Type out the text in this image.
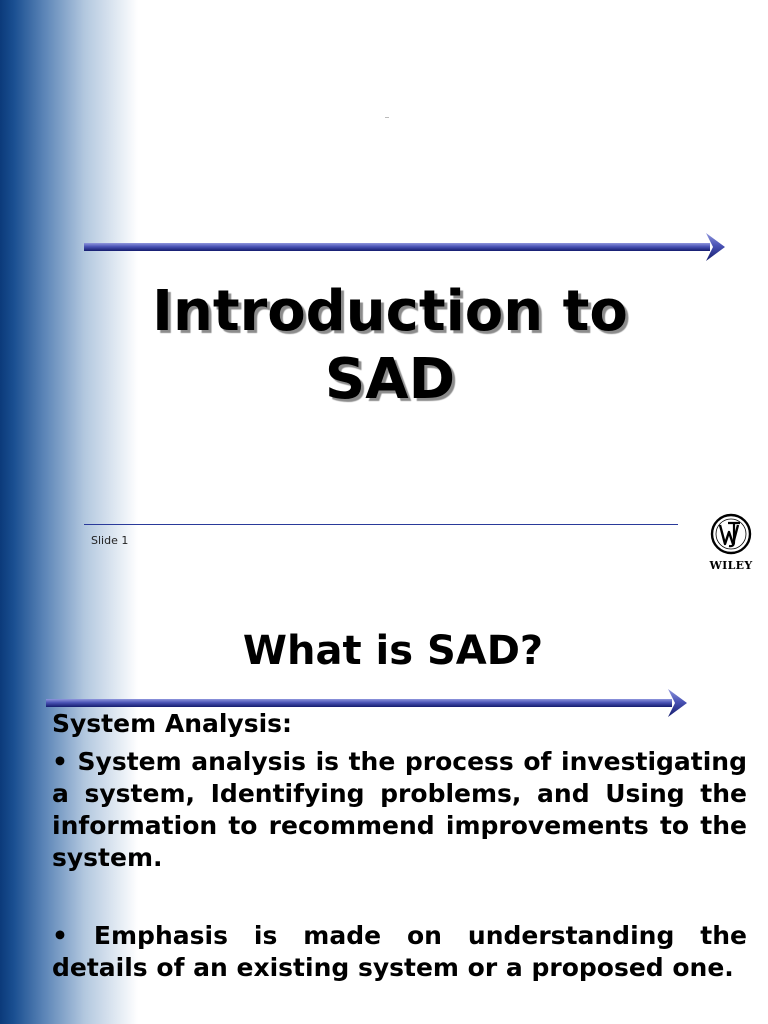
Introduction to
SAD
Slide 1
WILEY
What is SAD?
System Analysis:
• System analysis is the process of investigating a system, Identifying problems, and Using the information to recommend improvements to the system.
• Emphasis is made on understanding the details of an existing system or a proposed one.
